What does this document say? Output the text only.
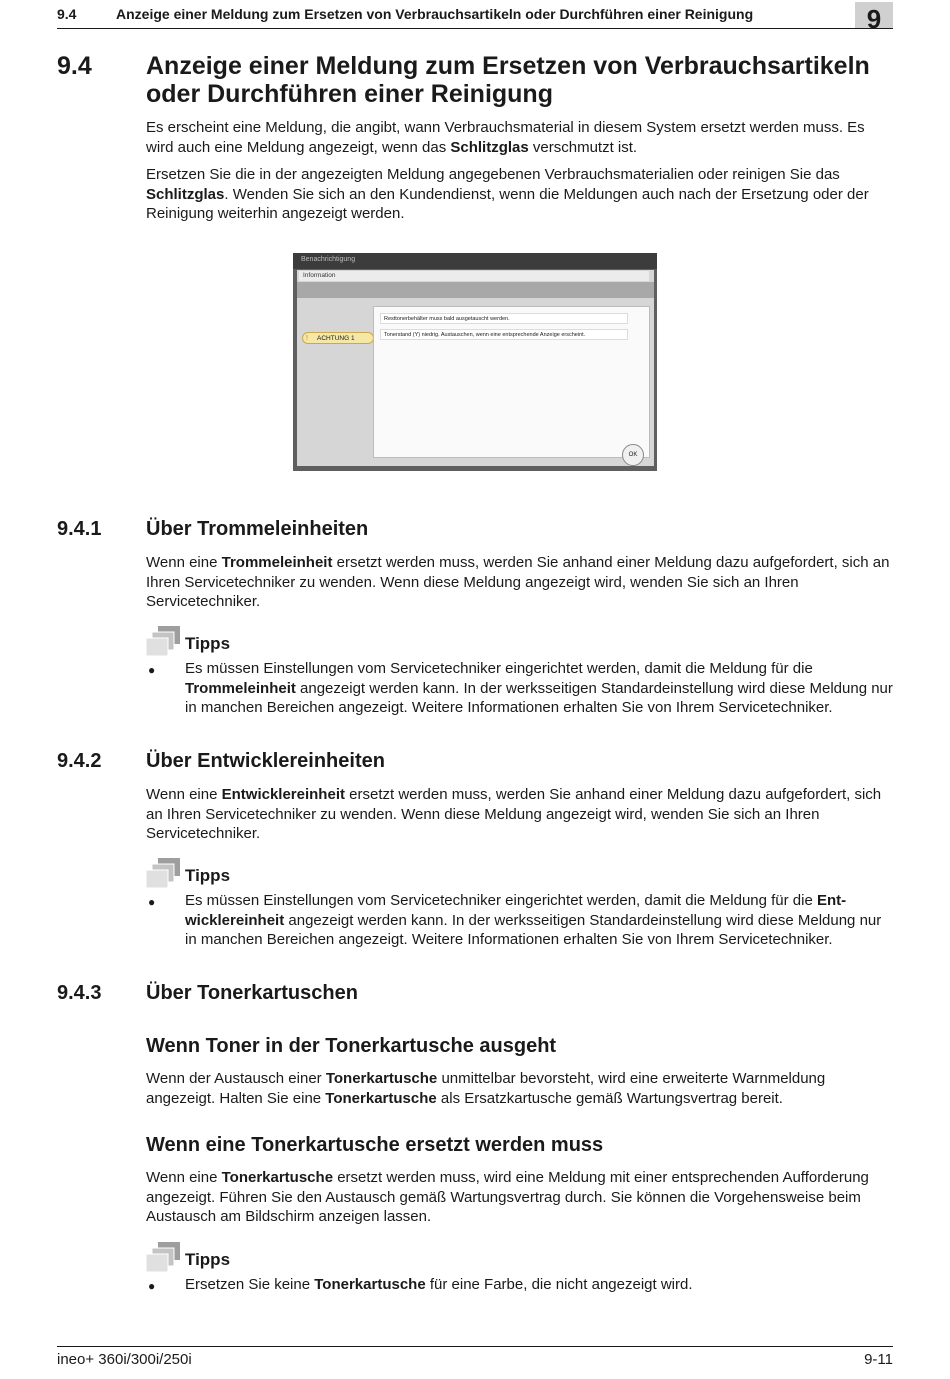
9.4	Anzeige einer Meldung zum Ersetzen von Verbrauchsartikeln oder Durchführen einer Reinigung	9
9.4 Anzeige einer Meldung zum Ersetzen von Verbrauchsartikeln
oder Durchführen einer Reinigung
Es erscheint eine Meldung, die angibt, wann Verbrauchsmaterial in diesem System ersetzt werden muss. Es wird auch eine Meldung angezeigt, wenn das Schlitzglas verschmutzt ist.
Ersetzen Sie die in der angezeigten Meldung angegebenen Verbrauchsmaterialien oder reinigen Sie das Schlitzglas. Wenden Sie sich an den Kundendienst, wenn die Meldungen auch nach der Ersetzung oder der Reinigung weiterhin angezeigt werden.
Benachrichtigung
Information
! ACHTUNG 1
Resttonerbehälter muss bald ausgetauscht werden.
Tonerstand (Y) niedrig. Austauschen, wenn eine entsprechende Anzeige erscheint.
OK
9.4.1 Über Trommeleinheiten
Wenn eine Trommeleinheit ersetzt werden muss, werden Sie anhand einer Meldung dazu aufgefordert, sich an Ihren Servicetechniker zu wenden. Wenn diese Meldung angezeigt wird, wenden Sie sich an Ihren Servicetechniker.
Tipps
● Es müssen Einstellungen vom Servicetechniker eingerichtet werden, damit die Meldung für die Trommeleinheit angezeigt werden kann. In der werksseitigen Standardeinstellung wird diese Meldung nur in manchen Bereichen angezeigt. Weitere Informationen erhalten Sie von Ihrem Servicetechniker.
9.4.2 Über Entwicklereinheiten
Wenn eine Entwicklereinheit ersetzt werden muss, werden Sie anhand einer Meldung dazu aufgefordert, sich an Ihren Servicetechniker zu wenden. Wenn diese Meldung angezeigt wird, wenden Sie sich an Ihren Servicetechniker.
Tipps
● Es müssen Einstellungen vom Servicetechniker eingerichtet werden, damit die Meldung für die Ent-
wicklereinheit angezeigt werden kann. In der werksseitigen Standardeinstellung wird diese Meldung nur in manchen Bereichen angezeigt. Weitere Informationen erhalten Sie von Ihrem Servicetechniker.
9.4.3 Über Tonerkartuschen
Wenn Toner in der Tonerkartusche ausgeht
Wenn der Austausch einer Tonerkartusche unmittelbar bevorsteht, wird eine erweiterte Warnmeldung angezeigt. Halten Sie eine Tonerkartusche als Ersatzkartusche gemäß Wartungsvertrag bereit.
Wenn eine Tonerkartusche ersetzt werden muss
Wenn eine Tonerkartusche ersetzt werden muss, wird eine Meldung mit einer entsprechenden Aufforderung angezeigt. Führen Sie den Austausch gemäß Wartungsvertrag durch. Sie können die Vorgehensweise beim Austausch am Bildschirm anzeigen lassen.
Tipps
● Ersetzen Sie keine Tonerkartusche für eine Farbe, die nicht angezeigt wird.
ineo+ 360i/300i/250i	9-11
